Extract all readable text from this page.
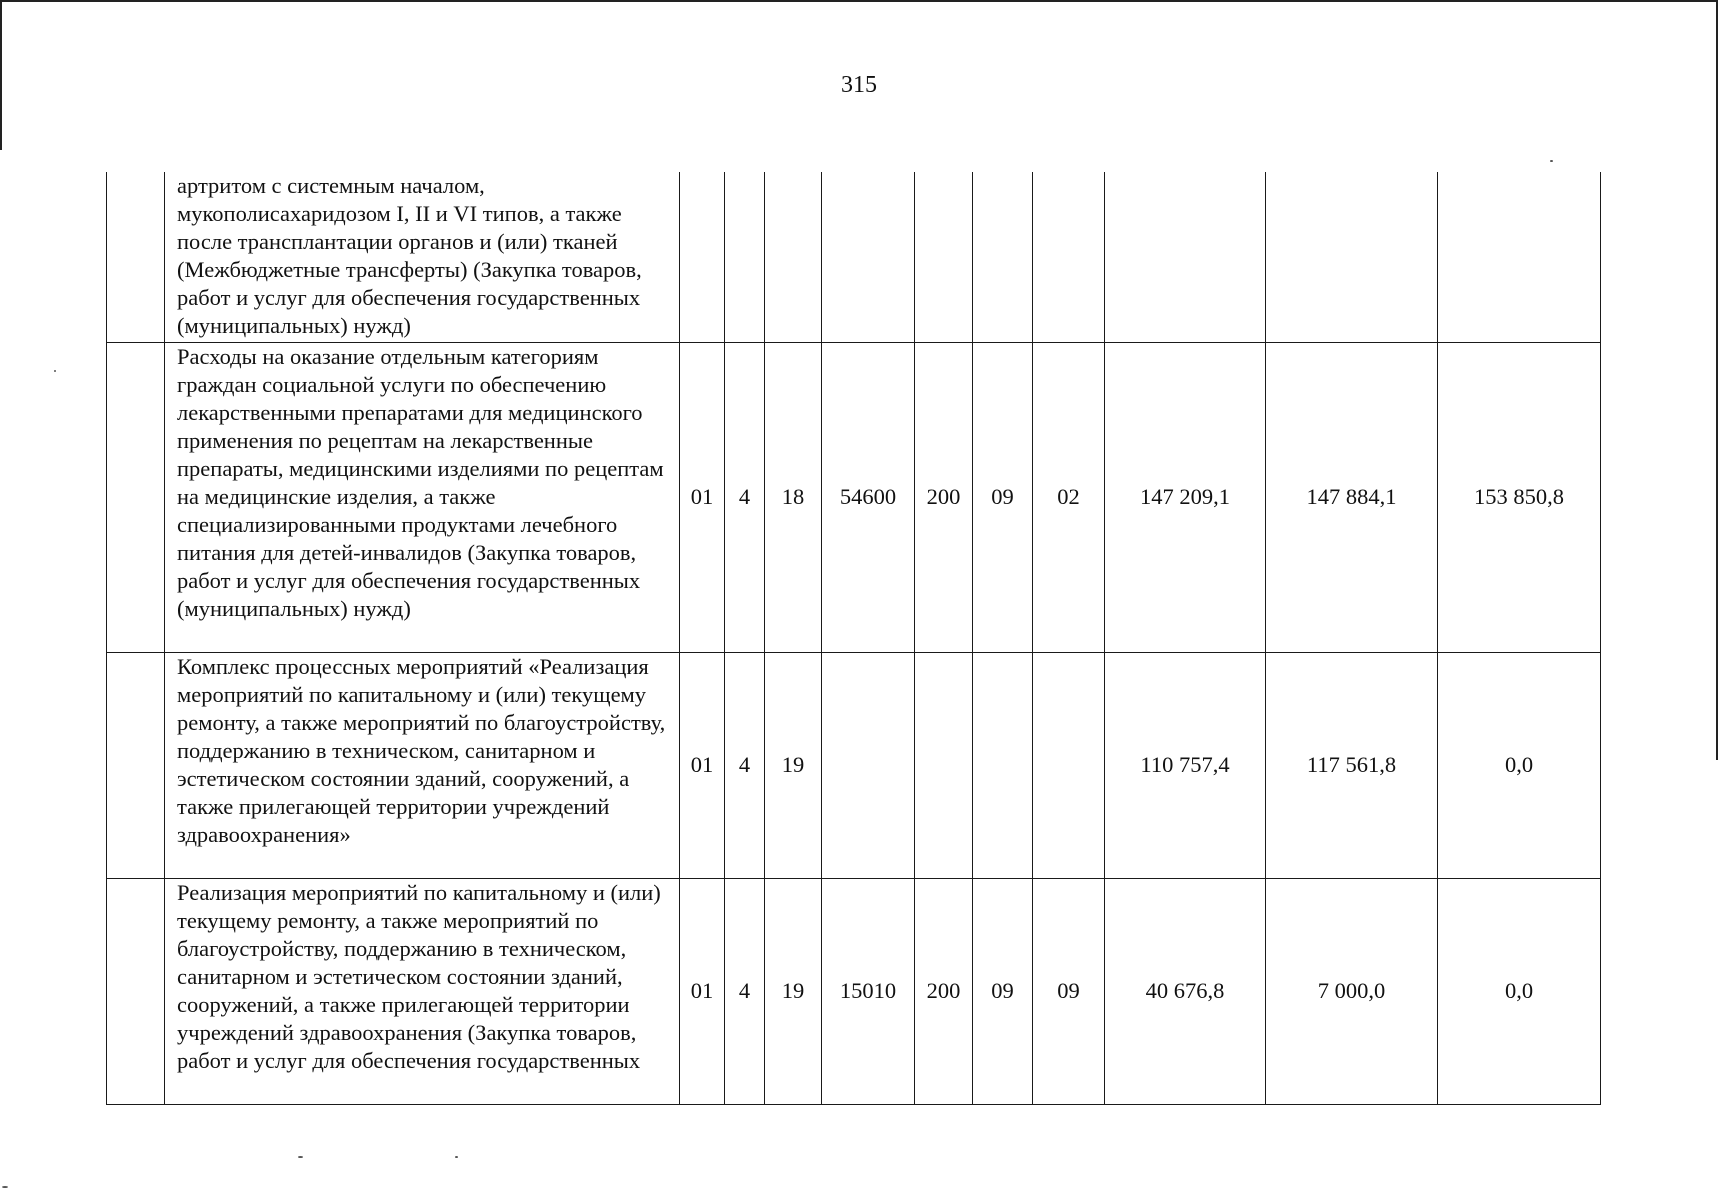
315
	артритом с системным началом, мукополисахаридозом I, II и VI типов, а также после трансплантации органов и (или) тканей (Межбюджетные трансферты) (Закупка товаров, работ и услуг для обеспечения государственных (муниципальных) нужд)										
	Расходы на оказание отдельным категориям граждан социальной услуги по обеспечению лекарственными препаратами для медицинского применения по рецептам на лекарственные препараты, медицинскими изделиями по рецептам на медицинские изделия, а также специализированными продуктами лечебного питания для детей-инвалидов (Закупка товаров, работ и услуг для обеспечения государственных (муниципальных) нужд)	01	4	18	54600	200	09	02	147 209,1	147 884,1	153 850,8
	Комплекс процессных мероприятий «Реализация мероприятий по капитальному и (или) текущему ремонту, а также мероприятий по благоустройству, поддержанию в техническом, санитарном и эстетическом состоянии зданий, сооружений, а также прилегающей территории учреждений здравоохранения»	01	4	19					110 757,4	117 561,8	0,0
	Реализация мероприятий по капитальному и (или) текущему ремонту, а также мероприятий по благоустройству, поддержанию в техническом, санитарном и эстетическом состоянии зданий, сооружений, а также прилегающей территории учреждений здравоохранения (Закупка товаров, работ и услуг для обеспечения государственных	01	4	19	15010	200	09	09	40 676,8	7 000,0	0,0
